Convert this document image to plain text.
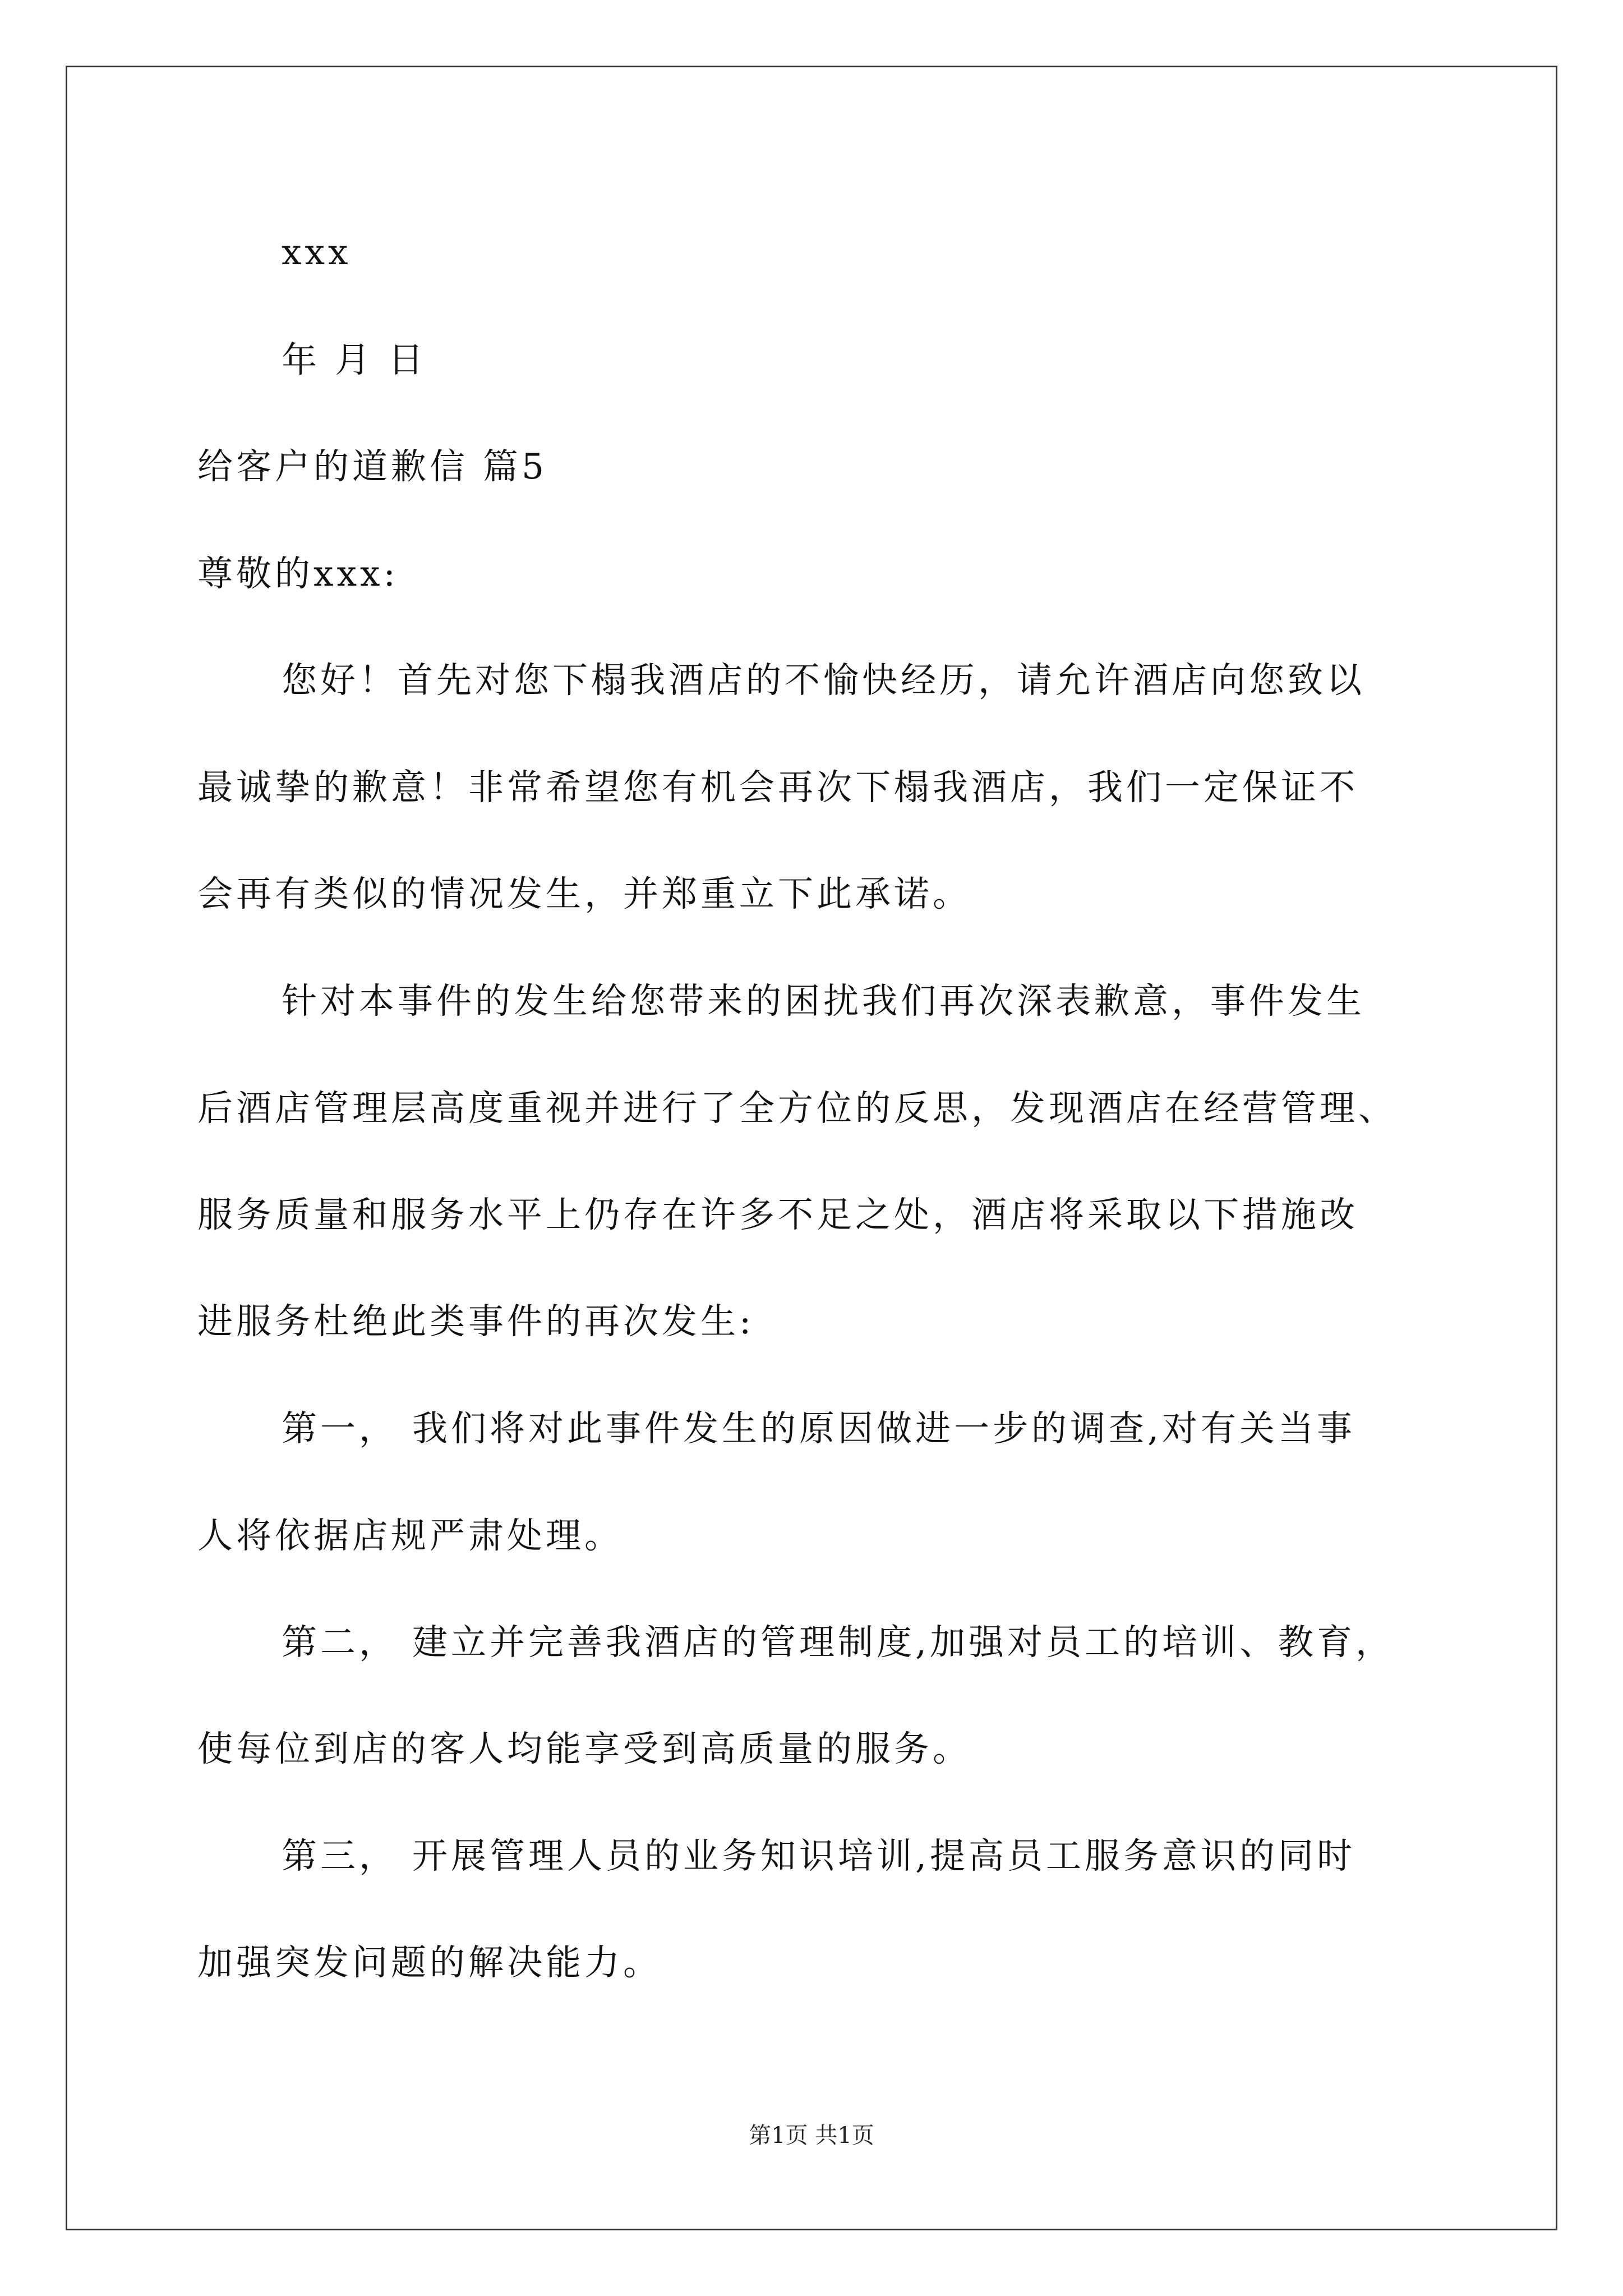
xxx
年 月 日
给客户的道歉信 篇5
尊敬的xxx:
您好！首先对您下榻我酒店的不愉快经历，请允许酒店向您致以
最诚挚的歉意！非常希望您有机会再次下榻我酒店，我们一定保证不
会再有类似的情况发生，并郑重立下此承诺。
针对本事件的发生给您带来的困扰我们再次深表歉意，事件发生
后酒店管理层高度重视并进行了全方位的反思，发现酒店在经营管理、
服务质量和服务水平上仍存在许多不足之处，酒店将采取以下措施改
进服务杜绝此类事件的再次发生:
第一， 我们将对此事件发生的原因做进一步的调查,对有关当事
人将依据店规严肃处理。
第二， 建立并完善我酒店的管理制度,加强对员工的培训、教育，
使每位到店的客人均能享受到高质量的服务。
第三， 开展管理人员的业务知识培训,提高员工服务意识的同时
加强突发问题的解决能力。
第1页 共1页
